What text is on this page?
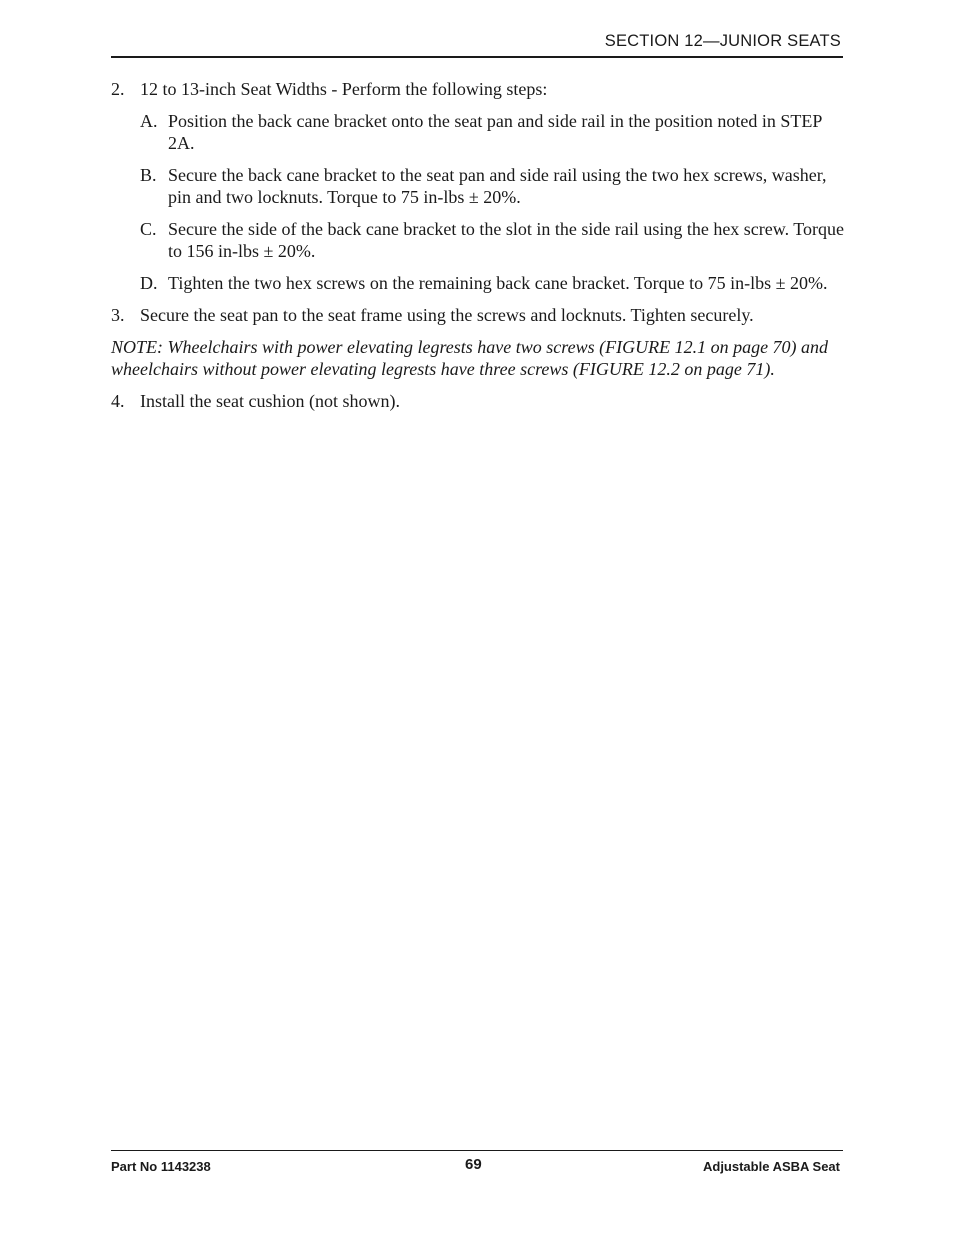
SECTION 12—JUNIOR SEATS
2. 12 to 13-inch Seat Widths - Perform the following steps:
A. Position the back cane bracket onto the seat pan and side rail in the position noted in STEP 2A.
B. Secure the back cane bracket to the seat pan and side rail using the two hex screws, washer, pin and two locknuts. Torque to 75 in-lbs ± 20%.
C. Secure the side of the back cane bracket to the slot in the side rail using the hex screw. Torque to 156 in-lbs ± 20%.
D. Tighten the two hex screws on the remaining back cane bracket. Torque to 75 in-lbs ± 20%.
3. Secure the seat pan to the seat frame using the screws and locknuts. Tighten securely.
NOTE: Wheelchairs with power elevating legrests have two screws (FIGURE 12.1 on page 70) and wheelchairs without power elevating legrests have three screws (FIGURE 12.2 on page 71).
4. Install the seat cushion (not shown).
Part No 1143238	69	Adjustable ASBA Seat
